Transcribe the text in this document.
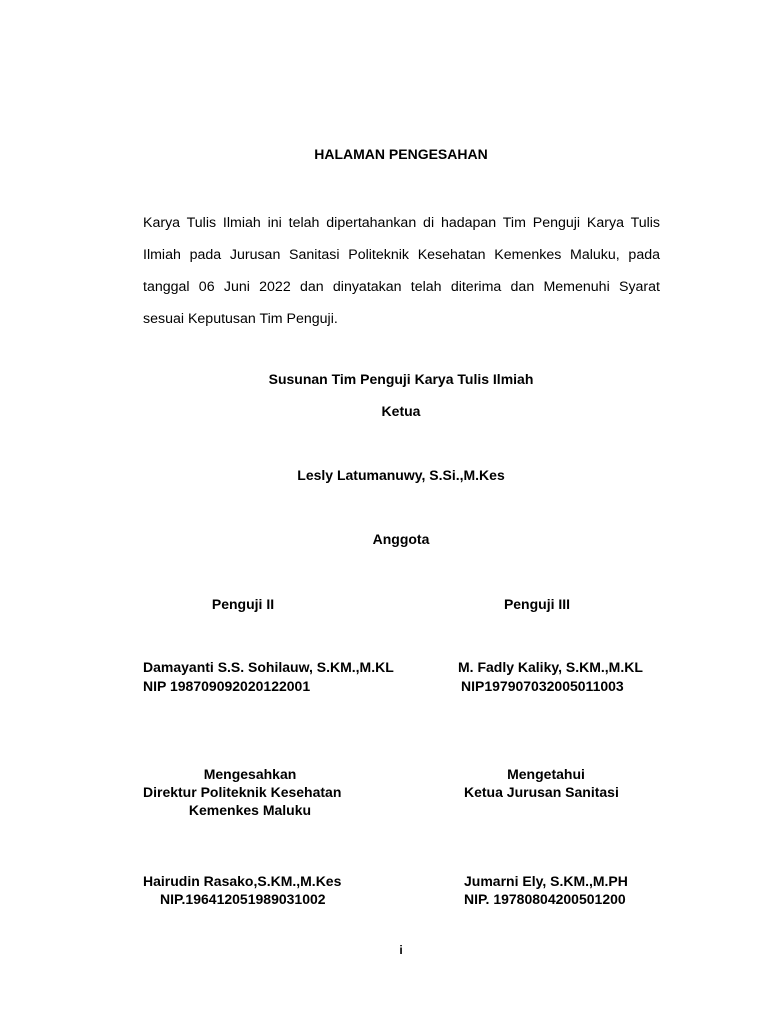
HALAMAN PENGESAHAN
Karya Tulis Ilmiah ini telah dipertahankan di hadapan Tim Penguji Karya Tulis
Ilmiah pada Jurusan Sanitasi Politeknik Kesehatan Kemenkes Maluku, pada
tanggal 06 Juni 2022 dan dinyatakan telah diterima dan Memenuhi Syarat
sesuai Keputusan Tim Penguji.
Susunan Tim Penguji Karya Tulis Ilmiah
Ketua
Lesly Latumanuwy, S.Si.,M.Kes
Anggota
Penguji II	Penguji III
Damayanti S.S. Sohilauw, S.KM.,M.KL
NIP 198709092020122001
M. Fadly Kaliky, S.KM.,M.KL
NIP197907032005011003
Mengesahkan
Direktur Politeknik Kesehatan
Kemenkes Maluku
Mengetahui
Ketua Jurusan Sanitasi
Hairudin Rasako,S.KM.,M.Kes
NIP.196412051989031002
Jumarni Ely, S.KM.,M.PH
NIP. 19780804200501200
i
